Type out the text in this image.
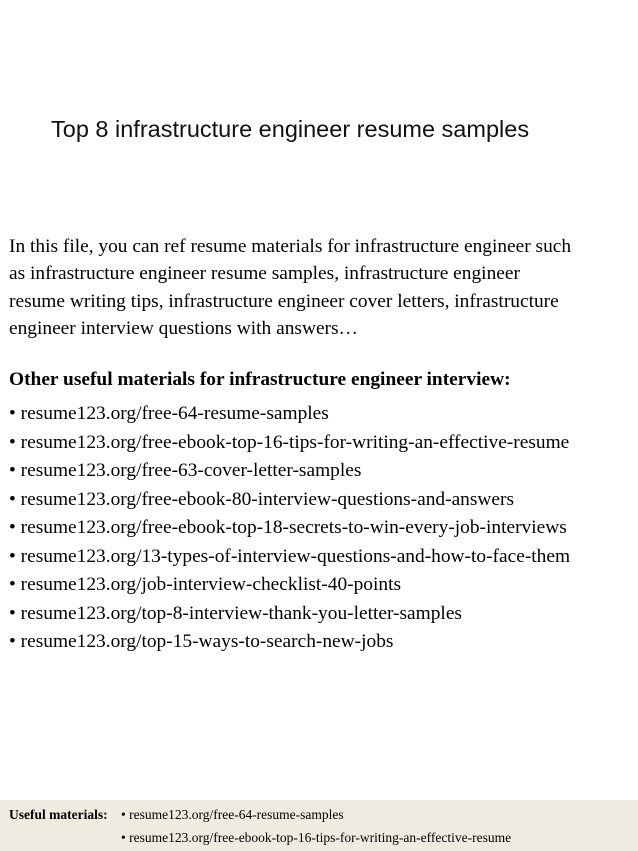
Top 8 infrastructure engineer resume samples

In this file, you can ref resume materials for infrastructure engineer such
as infrastructure engineer resume samples, infrastructure engineer
resume writing tips, infrastructure engineer cover letters, infrastructure
engineer interview questions with answers…

Other useful materials for infrastructure engineer interview:

• resume123.org/free-64-resume-samples
• resume123.org/free-ebook-top-16-tips-for-writing-an-effective-resume
• resume123.org/free-63-cover-letter-samples
• resume123.org/free-ebook-80-interview-questions-and-answers
• resume123.org/free-ebook-top-18-secrets-to-win-every-job-interviews
• resume123.org/13-types-of-interview-questions-and-how-to-face-them
• resume123.org/job-interview-checklist-40-points
• resume123.org/top-8-interview-thank-you-letter-samples
• resume123.org/top-15-ways-to-search-new-jobs
Useful materials:
•	resume123.org/free-64-resume-samples
• resume123.org/free-ebook-top-16-tips-for-writing-an-effective-resume
